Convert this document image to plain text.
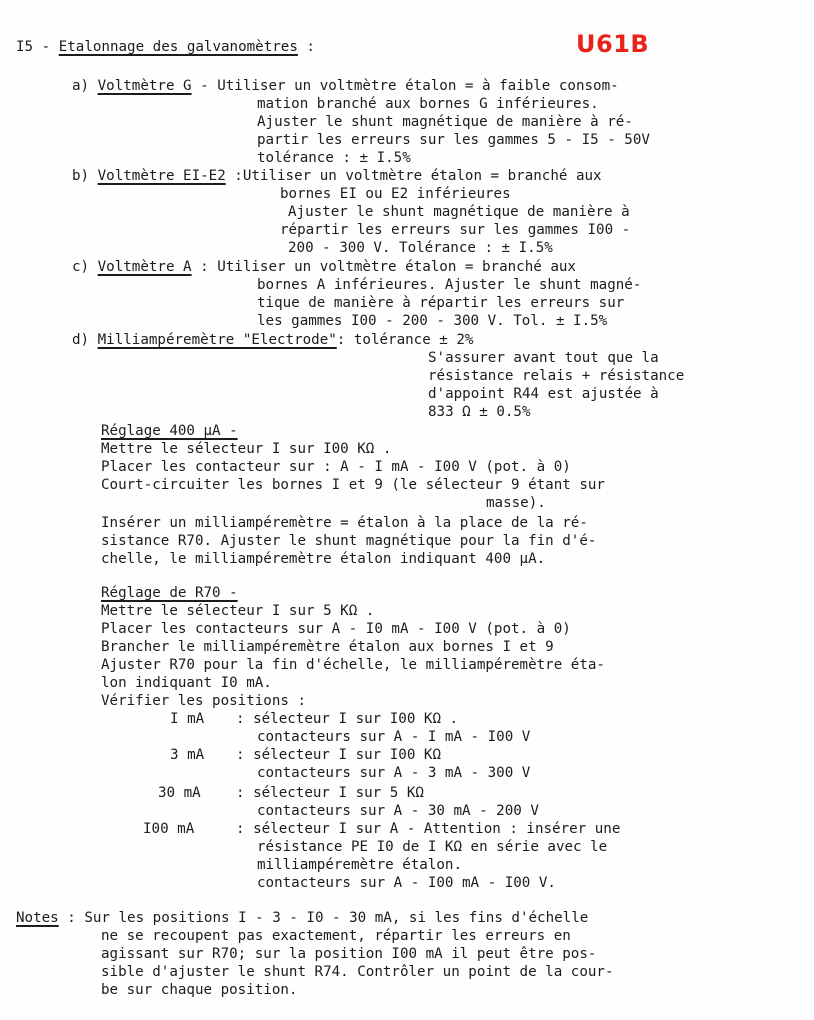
U61B
I5 - Etalonnage des galvanomètres :
a) Voltmètre G - Utiliser un voltmètre étalon = à faible consom-
mation branché aux bornes G inférieures.
Ajuster le shunt magnétique de manière à ré-
partir les erreurs sur les gammes 5 - I5 - 50V
tolérance : ± I.5%
b) Voltmètre EI-E2 :Utiliser un voltmètre étalon = branché aux
bornes EI ou E2 inférieures
Ajuster le shunt magnétique de manière à
répartir les erreurs sur les gammes I00 -
200 - 300 V. Tolérance : ± I.5%
c) Voltmètre A : Utiliser un voltmètre étalon = branché aux
bornes A inférieures. Ajuster le shunt magné-
tique de manière à répartir les erreurs sur
les gammes I00 - 200 - 300 V. Tol. ± I.5%
d) Milliampéremètre "Electrode": tolérance ± 2%
S'assurer avant tout que la
résistance relais + résistance
d'appoint R44 est ajustée à
833 Ω ± 0.5%
Réglage 400 µA -
Mettre le sélecteur I sur I00 KΩ .
Placer les contacteur sur : A - I mA - I00 V (pot. à 0)
Court-circuiter les bornes I et 9 (le sélecteur 9 étant sur
masse).
Insérer un milliampéremètre = étalon à la place de la ré-
sistance R70. Ajuster le shunt magnétique pour la fin d'é-
chelle, le milliampéremètre étalon indiquant 400 µA.
Réglage de R70 -
Mettre le sélecteur I sur 5 KΩ .
Placer les contacteurs sur A - I0 mA - I00 V (pot. à 0)
Brancher le milliampéremètre étalon aux bornes I et 9
Ajuster R70 pour la fin d'échelle, le milliampéremètre éta-
lon indiquant I0 mA.
Vérifier les positions :
I mA : sélecteur I sur I00 KΩ .
contacteurs sur A - I mA - I00 V
3 mA : sélecteur I sur I00 KΩ
contacteurs sur A - 3 mA - 300 V
30 mA : sélecteur I sur 5 KΩ
contacteurs sur A - 30 mA - 200 V
I00 mA	: sélecteur I sur A - Attention : insérer une
résistance PE I0 de I KΩ en série avec le
milliampéremètre étalon.
contacteurs sur A - I00 mA - I00 V.
Notes : Sur les positions I - 3 - I0 - 30 mA, si les fins d'échelle
ne se recoupent pas exactement, répartir les erreurs en
agissant sur R70; sur la position I00 mA il peut être pos-
sible d'ajuster le shunt R74. Contrôler un point de la cour-
be sur chaque position.
